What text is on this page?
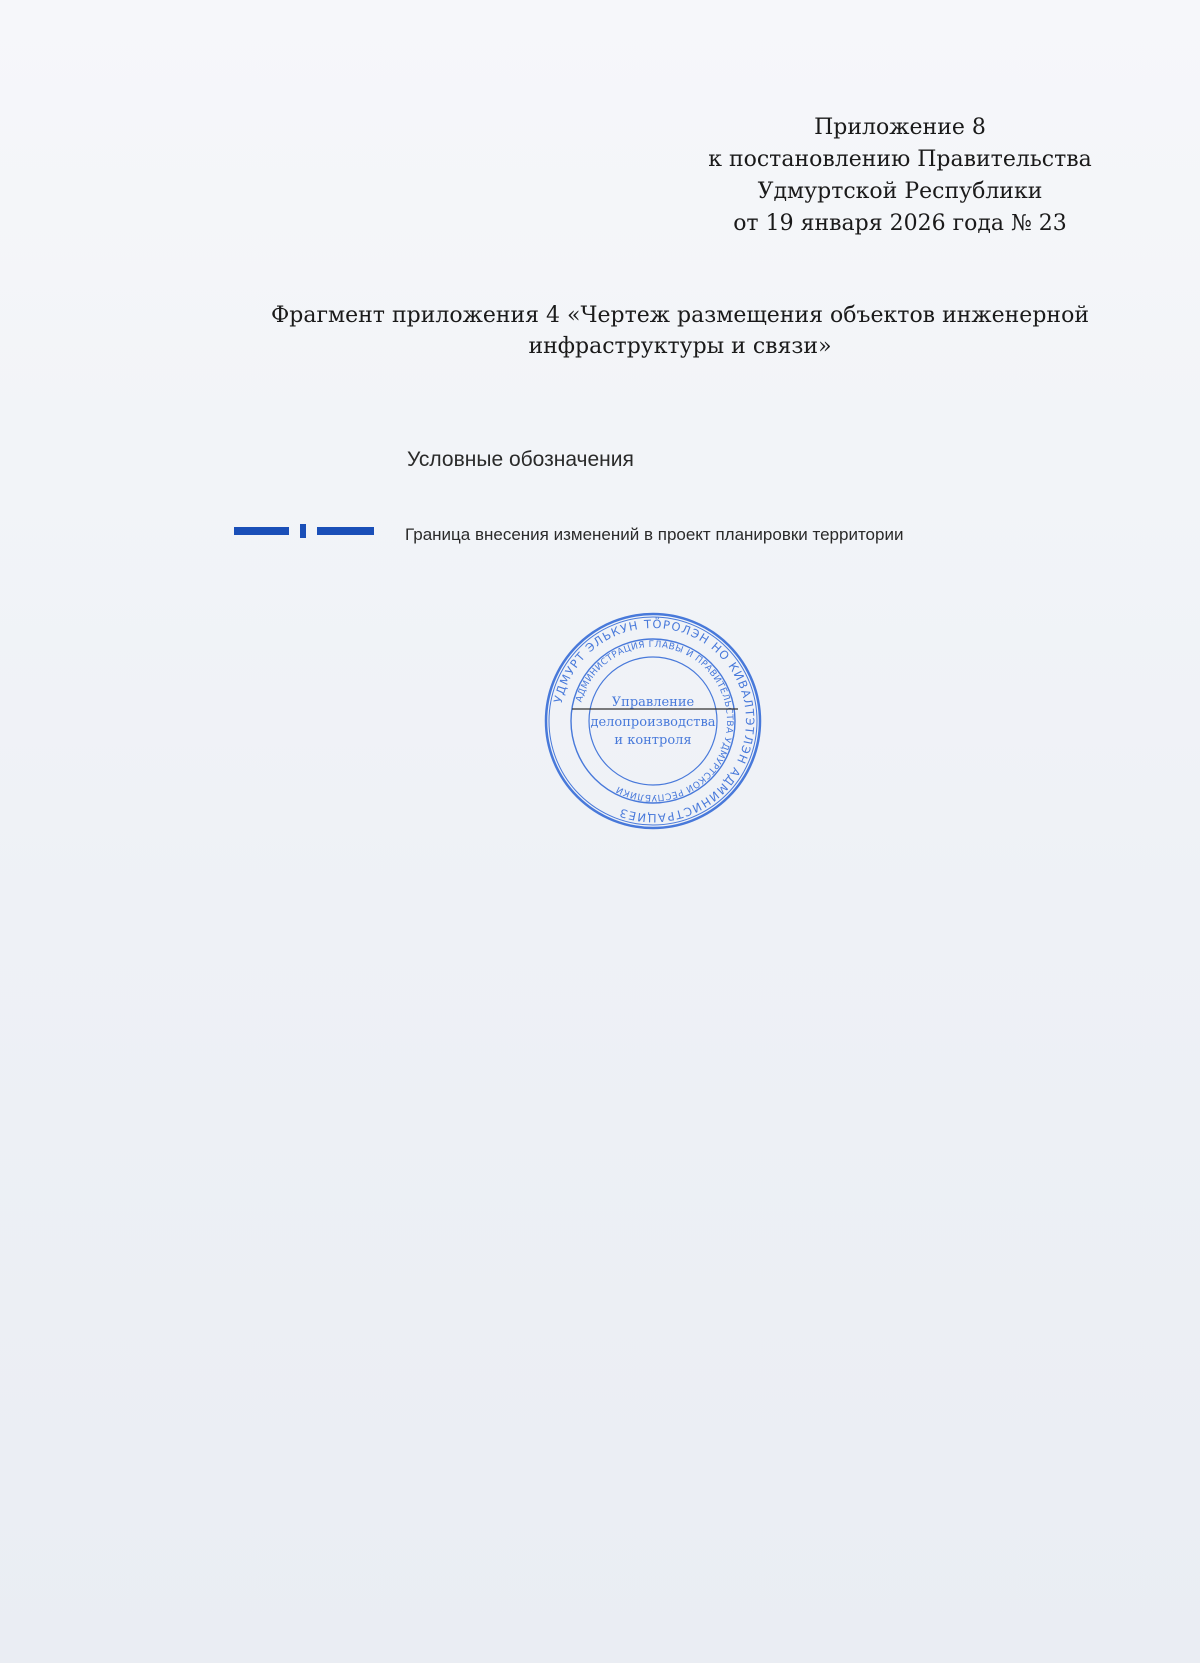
Приложение 8
к постановлению Правительства
Удмуртской Республики
от 19 января 2026 года № 23
Фрагмент приложения 4 «Чертеж размещения объектов инженерной инфраструктуры и связи»
Условные обозначения
Граница внесения изменений в проект планировки территории
УДМУРТ ЭЛЬКУН ТӦРОЛЭН НО КИВАЛТЭТЛЭН АДМИНИСТРАЦИЕЗ
АДМИНИСТРАЦИЯ ГЛАВЫ И ПРАВИТЕЛЬСТВА УДМУРТСКОЙ РЕСПУБЛИКИ
Управление
делопроизводства
и контроля
